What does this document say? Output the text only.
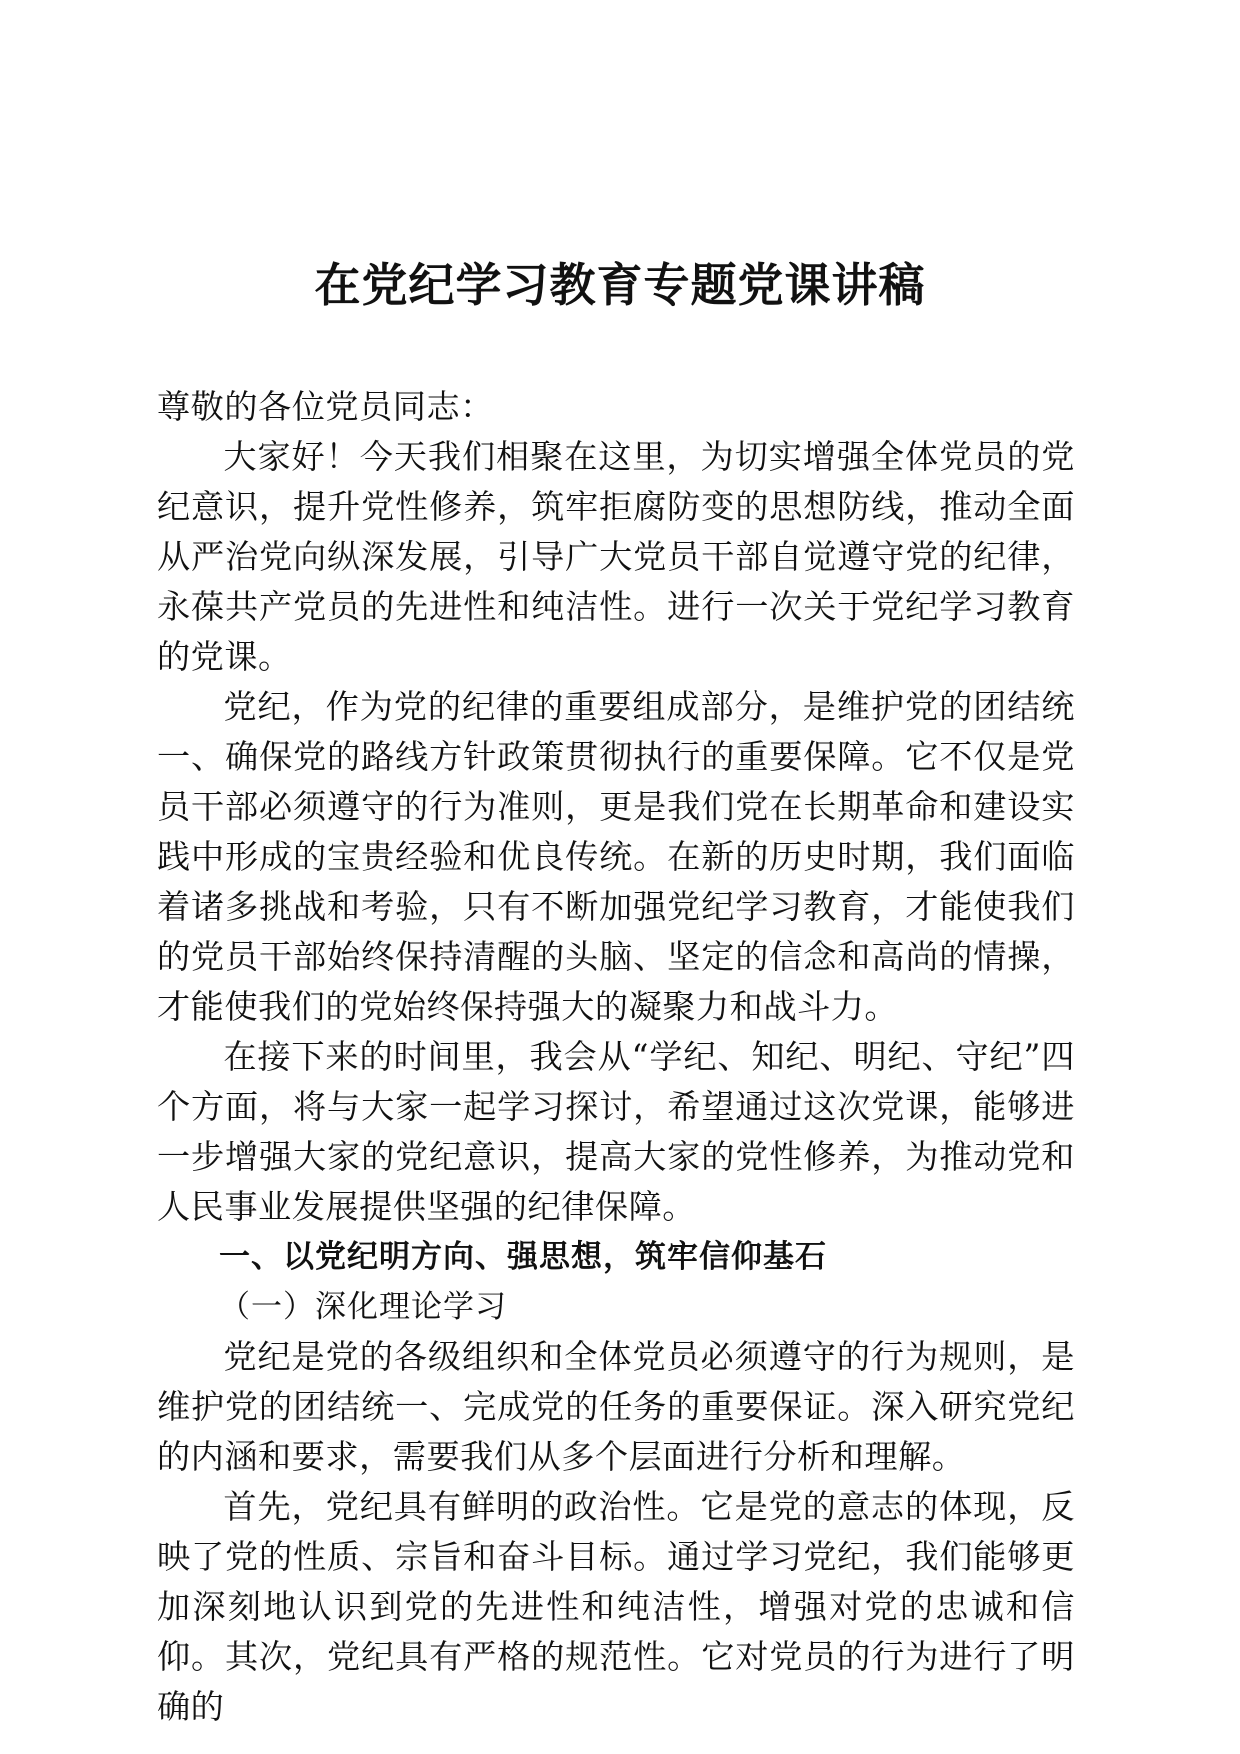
在党纪学习教育专题党课讲稿

尊敬的各位党员同志：

大家好！今天我们相聚在这里，为切实增强全体党员的党纪意识，提升党性修养，筑牢拒腐防变的思想防线，推动全面从严治党向纵深发展，引导广大党员干部自觉遵守党的纪律，永葆共产党员的先进性和纯洁性。进行一次关于党纪学习教育的党课。

党纪，作为党的纪律的重要组成部分，是维护党的团结统一、确保党的路线方针政策贯彻执行的重要保障。它不仅是党员干部必须遵守的行为准则，更是我们党在长期革命和建设实践中形成的宝贵经验和优良传统。在新的历史时期，我们面临着诸多挑战和考验，只有不断加强党纪学习教育，才能使我们的党员干部始终保持清醒的头脑、坚定的信念和高尚的情操，才能使我们的党始终保持强大的凝聚力和战斗力。

在接下来的时间里，我会从“学纪、知纪、明纪、守纪”四个方面，将与大家一起学习探讨，希望通过这次党课，能够进一步增强大家的党纪意识，提高大家的党性修养，为推动党和人民事业发展提供坚强的纪律保障。

一、以党纪明方向、强思想，筑牢信仰基石

（一）深化理论学习

党纪是党的各级组织和全体党员必须遵守的行为规则，是维护党的团结统一、完成党的任务的重要保证。深入研究党纪的内涵和要求，需要我们从多个层面进行分析和理解。

首先，党纪具有鲜明的政治性。它是党的意志的体现，反映了党的性质、宗旨和奋斗目标。通过学习党纪，我们能够更加深刻地认识到党的先进性和纯洁性，增强对党的忠诚和信仰。其次，党纪具有严格的规范性。它对党员的行为进行了明确的
